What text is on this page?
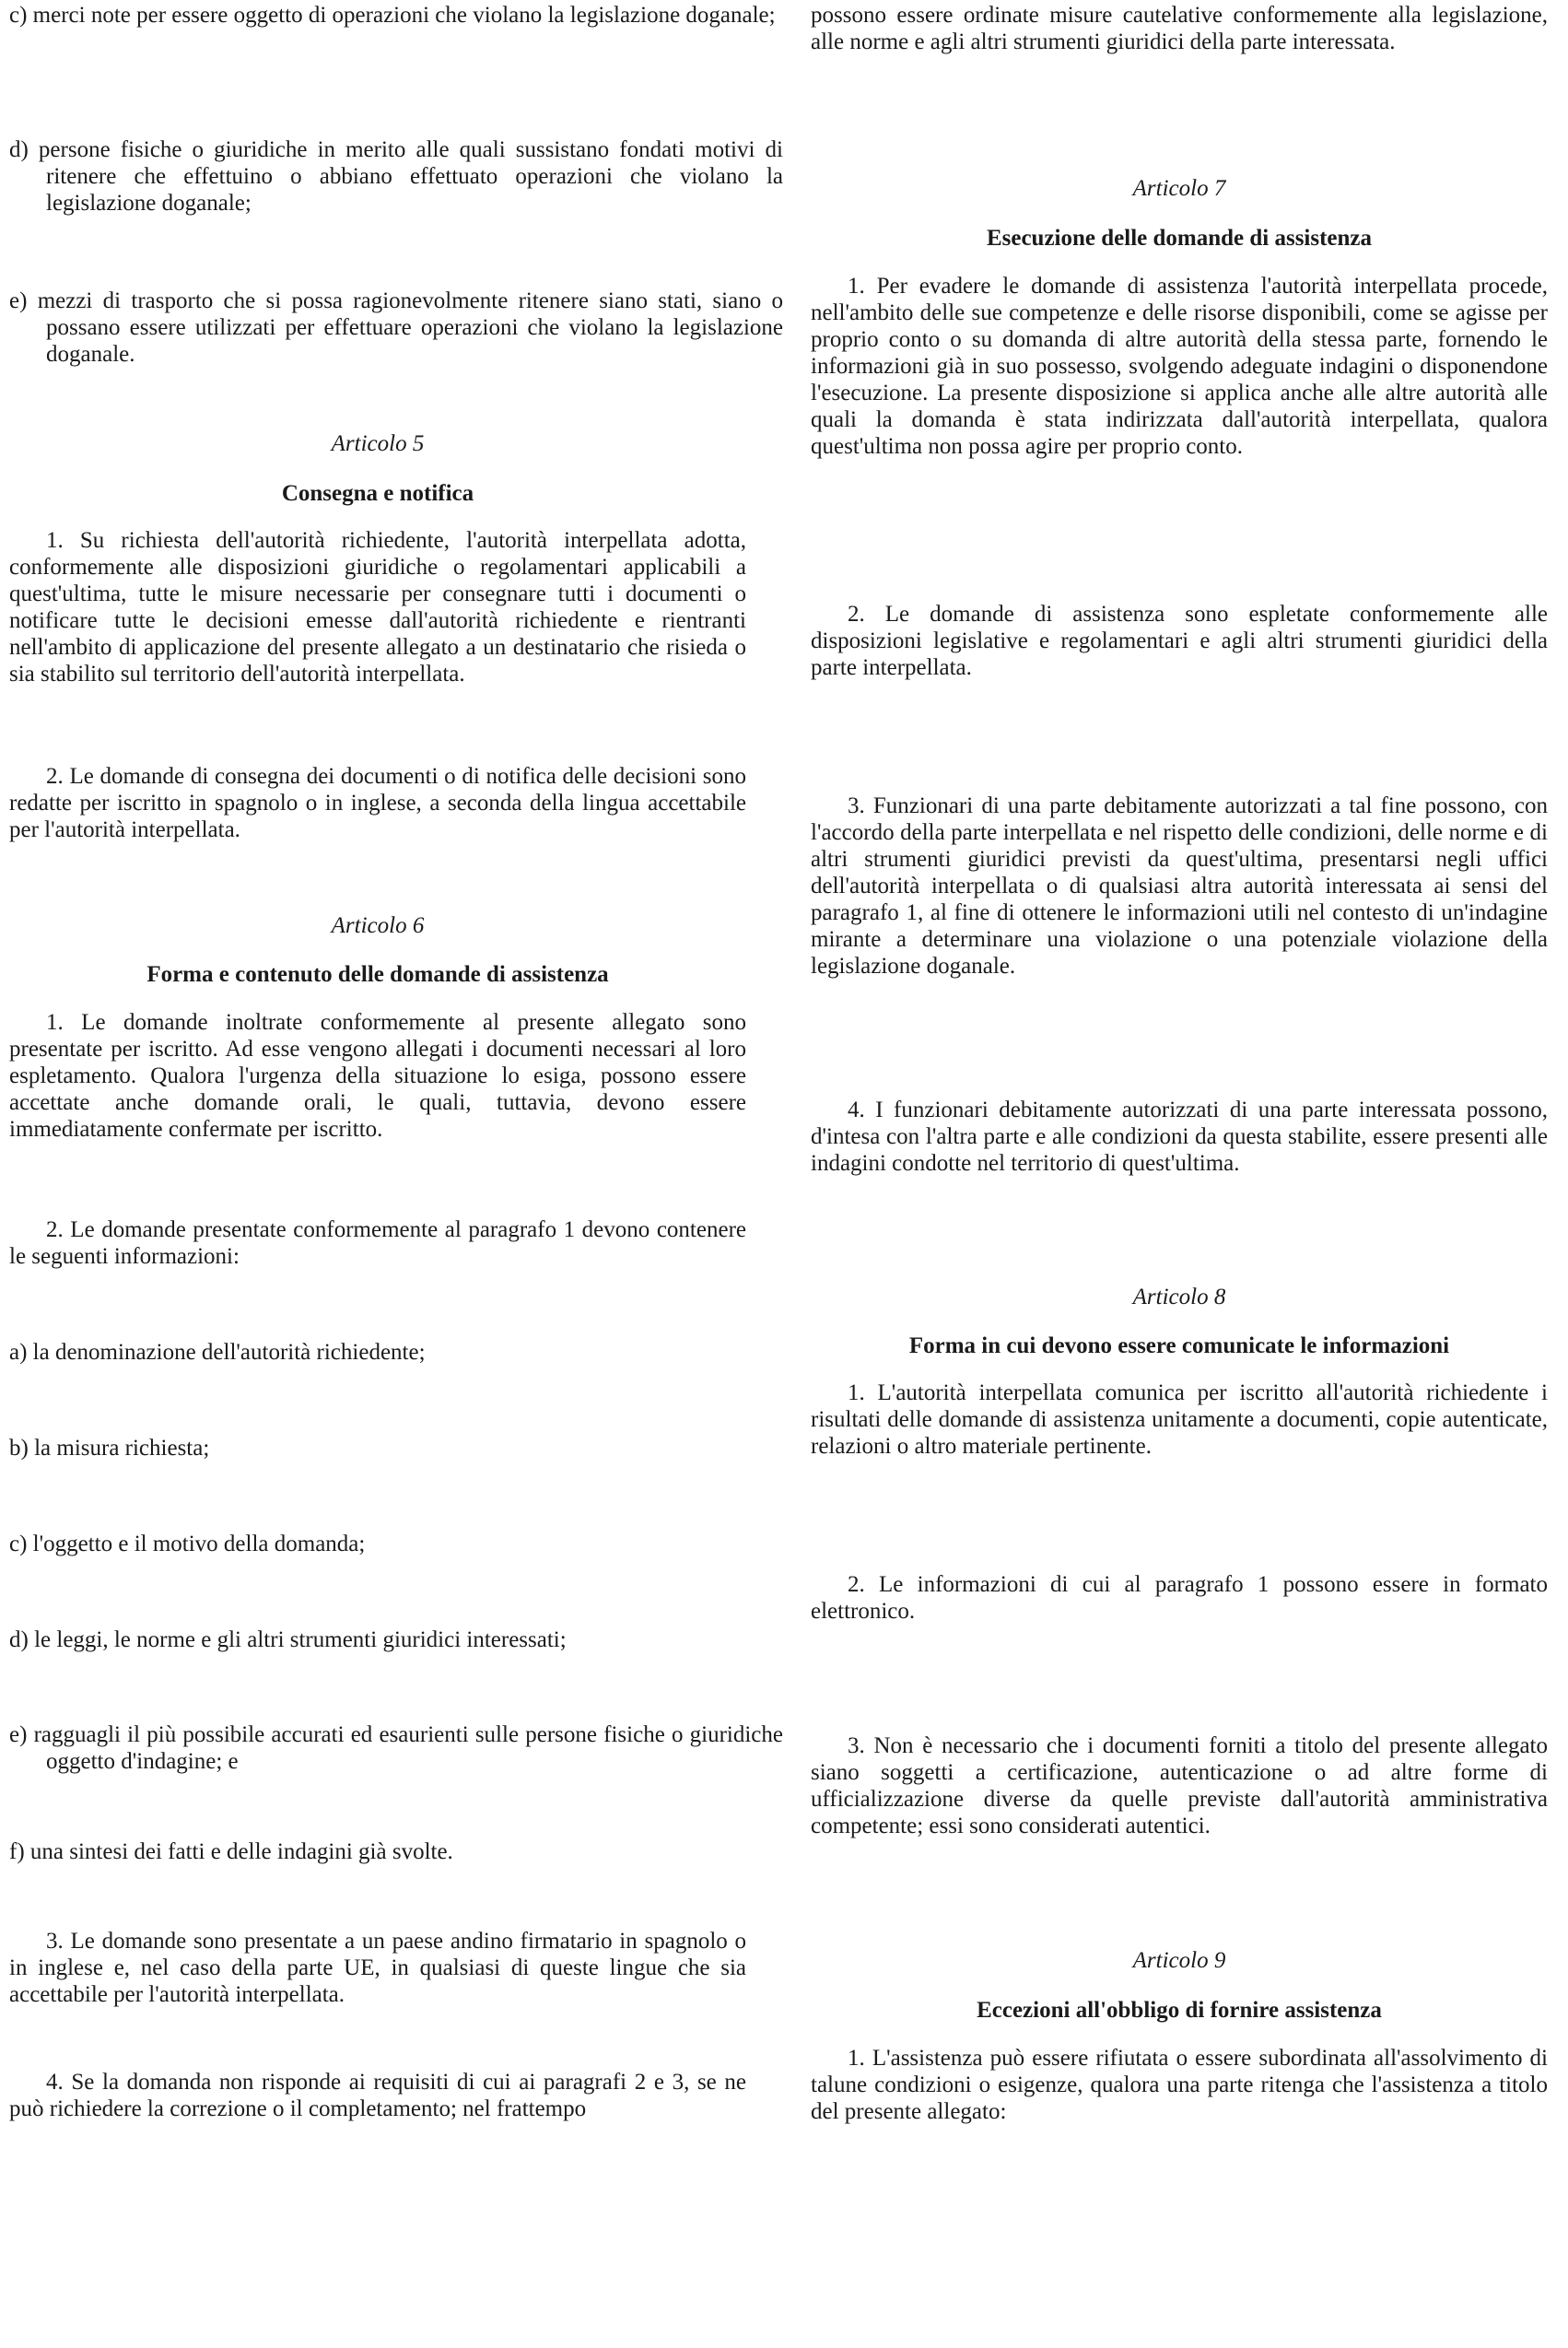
c) merci note per essere oggetto di operazioni che violano la legislazione doganale;

d) persone fisiche o giuridiche in merito alle quali sussistano fondati motivi di ritenere che effettuino o abbiano effettuato operazioni che violano la legislazione doganale;

e) mezzi di trasporto che si possa ragionevolmente ritenere siano stati, siano o possano essere utilizzati per effettuare operazioni che violano la legislazione doganale.

Articolo 5

Consegna e notifica

1. Su richiesta dell'autorità richiedente, l'autorità interpellata adotta, conformemente alle disposizioni giuridiche o regolamentari applicabili a quest'ultima, tutte le misure necessarie per consegnare tutti i documenti o notificare tutte le decisioni emesse dall'autorità richiedente e rientranti nell'ambito di applicazione del presente allegato a un destinatario che risieda o sia stabilito sul territorio dell'autorità interpellata.

2. Le domande di consegna dei documenti o di notifica delle decisioni sono redatte per iscritto in spagnolo o in inglese, a seconda della lingua accettabile per l'autorità interpellata.

Articolo 6

Forma e contenuto delle domande di assistenza

1. Le domande inoltrate conformemente al presente allegato sono presentate per iscritto. Ad esse vengono allegati i documenti necessari al loro espletamento. Qualora l'urgenza della situazione lo esiga, possono essere accettate anche domande orali, le quali, tuttavia, devono essere immediatamente confermate per iscritto.

2. Le domande presentate conformemente al paragrafo 1 devono contenere le seguenti informazioni:

a) la denominazione dell'autorità richiedente;

b) la misura richiesta;

c) l'oggetto e il motivo della domanda;

d) le leggi, le norme e gli altri strumenti giuridici interessati;

e) ragguagli il più possibile accurati ed esaurienti sulle persone fisiche o giuridiche oggetto d'indagine; e

f) una sintesi dei fatti e delle indagini già svolte.

3. Le domande sono presentate a un paese andino firmatario in spagnolo o in inglese e, nel caso della parte UE, in qualsiasi di queste lingue che sia accettabile per l'autorità interpellata.

4. Se la domanda non risponde ai requisiti di cui ai paragrafi 2 e 3, se ne può richiedere la correzione o il completamento; nel frattempo

possono essere ordinate misure cautelative conformemente alla legislazione, alle norme e agli altri strumenti giuridici della parte interessata.

Articolo 7

Esecuzione delle domande di assistenza

1. Per evadere le domande di assistenza l'autorità interpellata procede, nell'ambito delle sue competenze e delle risorse disponibili, come se agisse per proprio conto o su domanda di altre autorità della stessa parte, fornendo le informazioni già in suo possesso, svolgendo adeguate indagini o disponendone l'esecuzione. La presente disposizione si applica anche alle altre autorità alle quali la domanda è stata indirizzata dall'autorità interpellata, qualora quest'ultima non possa agire per proprio conto.

2. Le domande di assistenza sono espletate conformemente alle disposizioni legislative e regolamentari e agli altri strumenti giuridici della parte interpellata.

3. Funzionari di una parte debitamente autorizzati a tal fine possono, con l'accordo della parte interpellata e nel rispetto delle condizioni, delle norme e di altri strumenti giuridici previsti da quest'ultima, presentarsi negli uffici dell'autorità interpellata o di qualsiasi altra autorità interessata ai sensi del paragrafo 1, al fine di ottenere le informazioni utili nel contesto di un'indagine mirante a determinare una violazione o una potenziale violazione della legislazione doganale.

4. I funzionari debitamente autorizzati di una parte interessata possono, d'intesa con l'altra parte e alle condizioni da questa stabilite, essere presenti alle indagini condotte nel territorio di quest'ultima.

Articolo 8

Forma in cui devono essere comunicate le informazioni

1. L'autorità interpellata comunica per iscritto all'autorità richiedente i risultati delle domande di assistenza unitamente a documenti, copie autenticate, relazioni o altro materiale pertinente.

2. Le informazioni di cui al paragrafo 1 possono essere in formato elettronico.

3. Non è necessario che i documenti forniti a titolo del presente allegato siano soggetti a certificazione, autenticazione o ad altre forme di ufficializzazione diverse da quelle previste dall'autorità amministrativa competente; essi sono considerati autentici.

Articolo 9

Eccezioni all'obbligo di fornire assistenza

1. L'assistenza può essere rifiutata o essere subordinata all'assolvimento di talune condizioni o esigenze, qualora una parte ritenga che l'assistenza a titolo del presente allegato:
